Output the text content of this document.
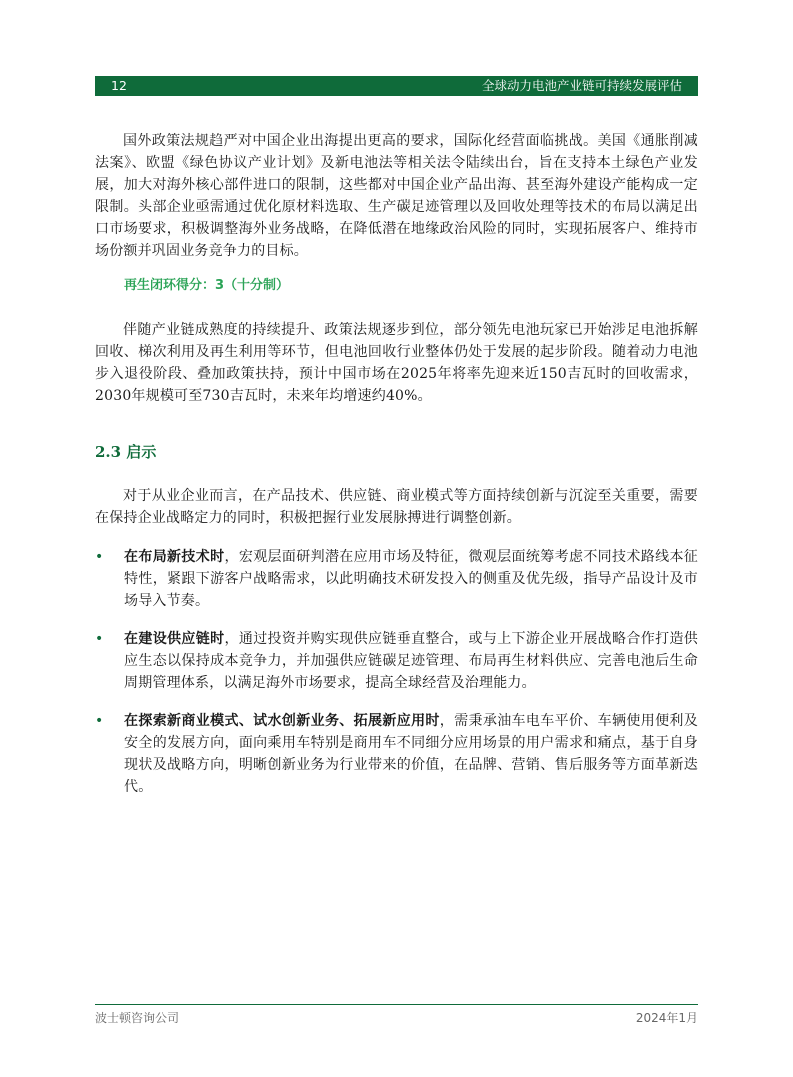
12	全球动力电池产业链可持续发展评估

国外政策法规趋严对中国企业出海提出更高的要求，国际化经营面临挑战。美国《通胀削减法案》、欧盟《绿色协议产业计划》及新电池法等相关法令陆续出台，旨在支持本土绿色产业发展，加大对海外核心部件进口的限制，这些都对中国企业产品出海、甚至海外建设产能构成一定限制。头部企业亟需通过优化原材料选取、生产碳足迹管理以及回收处理等技术的布局以满足出口市场要求，积极调整海外业务战略，在降低潜在地缘政治风险的同时，实现拓展客户、维持市场份额并巩固业务竞争力的目标。

再生闭环得分：3（十分制）

伴随产业链成熟度的持续提升、政策法规逐步到位，部分领先电池玩家已开始涉足电池拆解回收、梯次利用及再生利用等环节，但电池回收行业整体仍处于发展的起步阶段。随着动力电池步入退役阶段、叠加政策扶持，预计中国市场在2025年将率先迎来近150吉瓦时的回收需求，2030年规模可至730吉瓦时，未来年均增速约40%。

2.3 启示

对于从业企业而言，在产品技术、供应链、商业模式等方面持续创新与沉淀至关重要，需要在保持企业战略定力的同时，积极把握行业发展脉搏进行调整创新。

• 在布局新技术时，宏观层面研判潜在应用市场及特征，微观层面统筹考虑不同技术路线本征特性，紧跟下游客户战略需求，以此明确技术研发投入的侧重及优先级，指导产品设计及市场导入节奏。

• 在建设供应链时，通过投资并购实现供应链垂直整合，或与上下游企业开展战略合作打造供应生态以保持成本竞争力，并加强供应链碳足迹管理、布局再生材料供应、完善电池后生命周期管理体系，以满足海外市场要求，提高全球经营及治理能力。

• 在探索新商业模式、试水创新业务、拓展新应用时，需秉承油车电车平价、车辆使用便利及安全的发展方向，面向乘用车特别是商用车不同细分应用场景的用户需求和痛点，基于自身现状及战略方向，明晰创新业务为行业带来的价值，在品牌、营销、售后服务等方面革新迭代。

波士顿咨询公司	2024年1月
